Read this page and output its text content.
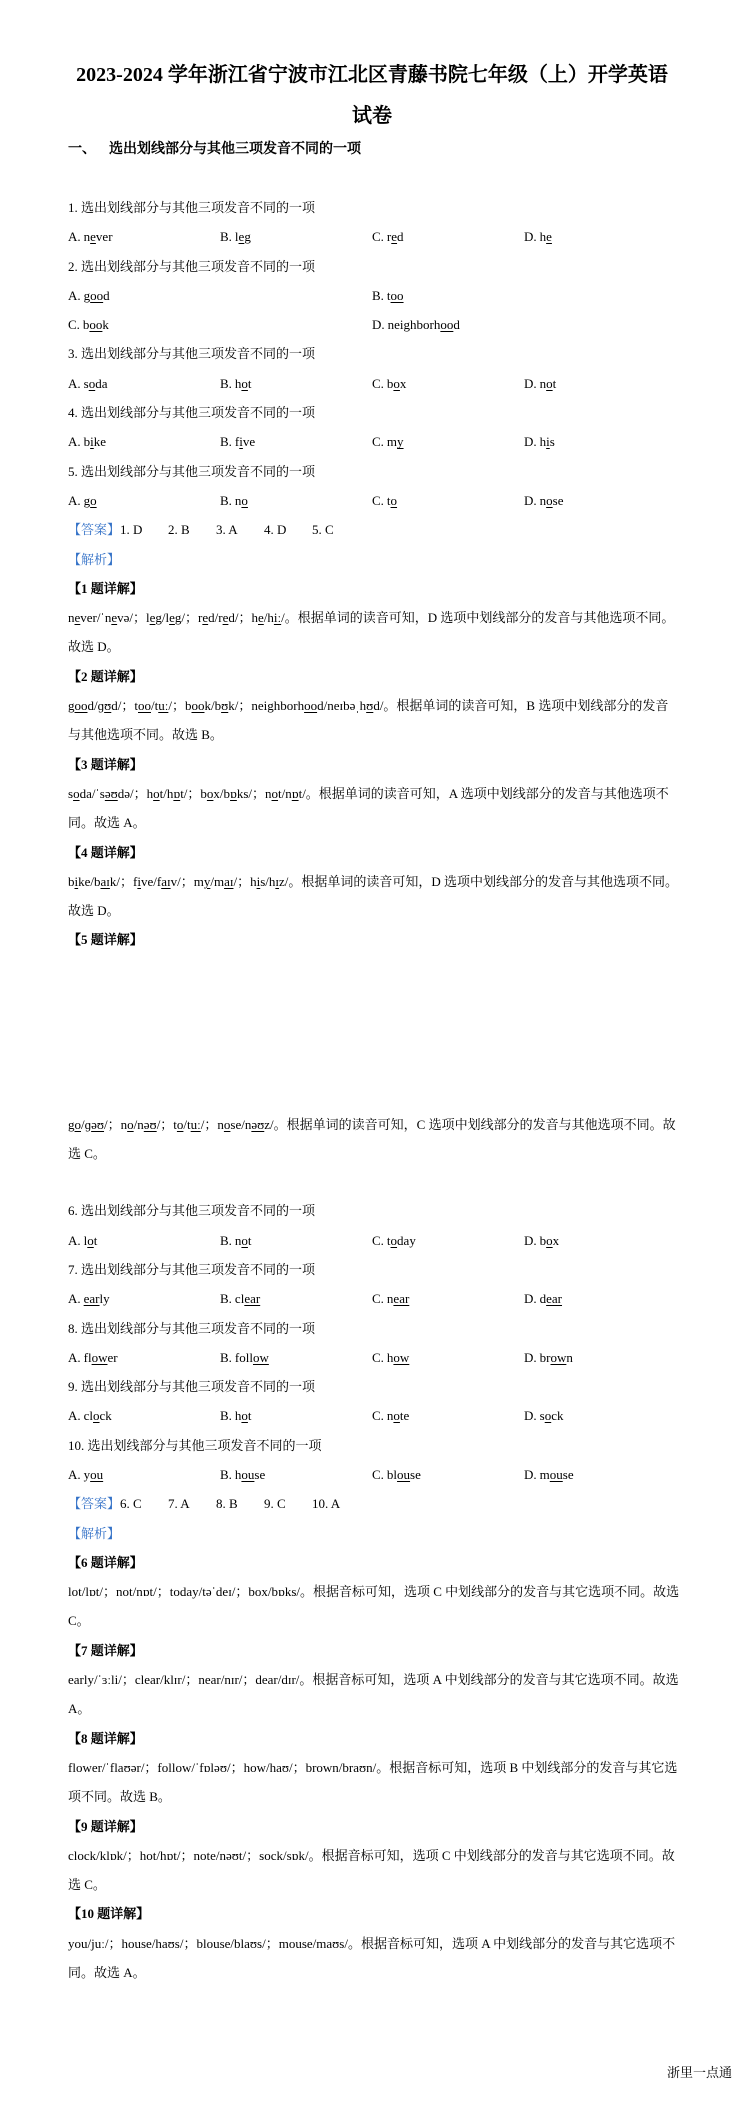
2023-2024 学年浙江省宁波市江北区青藤书院七年级（上）开学英语
试卷
一、 选出划线部分与其他三项发音不同的一项
1. 选出划线部分与其他三项发音不同的一项
A. never	B. leg	C. red	D. he
2. 选出划线部分与其他三项发音不同的一项
A. good	B. too
C. book	D. neighborhood
3. 选出划线部分与其他三项发音不同的一项
A. soda	B. hot	C. box	D. not
4. 选出划线部分与其他三项发音不同的一项
A. bike	B. five	C. my	D. his
5. 选出划线部分与其他三项发音不同的一项
A. go	B. no	C. to	D. nose
【答案】1. D 2. B 3. A 4. D 5. C
【解析】
【1 题详解】
never/ˈnevə/；leg/leg/；red/red/；he/hiː/。根据单词的读音可知，D 选项中划线部分的发音与其他选项不同。故选 D。
【2 题详解】
good/ɡʊd/；too/tuː/；book/bʊk/；neighborhood/neɪbəˌhʊd/。根据单词的读音可知，B 选项中划线部分的发音与其他选项不同。故选 B。
【3 题详解】
soda/ˈsəʊdə/；hot/hɒt/；box/bɒks/；not/nɒt/。根据单词的读音可知，A 选项中划线部分的发音与其他选项不同。故选 A。
【4 题详解】
bike/baɪk/；five/faɪv/；my/maɪ/；his/hɪz/。根据单词的读音可知，D 选项中划线部分的发音与其他选项不同。故选 D。
【5 题详解】
go/ɡəʊ/；no/nəʊ/；to/tuː/；nose/nəʊz/。根据单词的读音可知，C 选项中划线部分的发音与其他选项不同。故选 C。
6. 选出划线部分与其他三项发音不同的一项
A. lot	B. not	C. today	D. box
7. 选出划线部分与其他三项发音不同的一项
A. early	B. clear	C. near	D. dear
8. 选出划线部分与其他三项发音不同的一项
A. flower	B. follow	C. how	D. brown
9. 选出划线部分与其他三项发音不同的一项
A. clock	B. hot	C. note	D. sock
10. 选出划线部分与其他三项发音不同的一项
A. you	B. house	C. blouse	D. mouse
【答案】6. C 7. A 8. B 9. C 10. A
【解析】
【6 题详解】
lot/lɒt/；not/nɒt/；today/təˈdeɪ/；box/bɒks/。根据音标可知，选项 C 中划线部分的发音与其它选项不同。故选 C。
【7 题详解】
early/ˈɜːli/；clear/klɪr/；near/nɪr/；dear/dɪr/。根据音标可知，选项 A 中划线部分的发音与其它选项不同。故选 A。
【8 题详解】
flower/ˈflaʊər/；follow/ˈfɒləʊ/；how/haʊ/；brown/braʊn/。根据音标可知，选项 B 中划线部分的发音与其它选项不同。故选 B。
【9 题详解】
clock/klɒk/；hot/hɒt/；note/nəʊt/；sock/sɒk/。根据音标可知，选项 C 中划线部分的发音与其它选项不同。故选 C。
【10 题详解】
you/juː/；house/haʊs/；blouse/blaʊs/；mouse/maʊs/。根据音标可知，选项 A 中划线部分的发音与其它选项不同。故选 A。
浙里一点通
